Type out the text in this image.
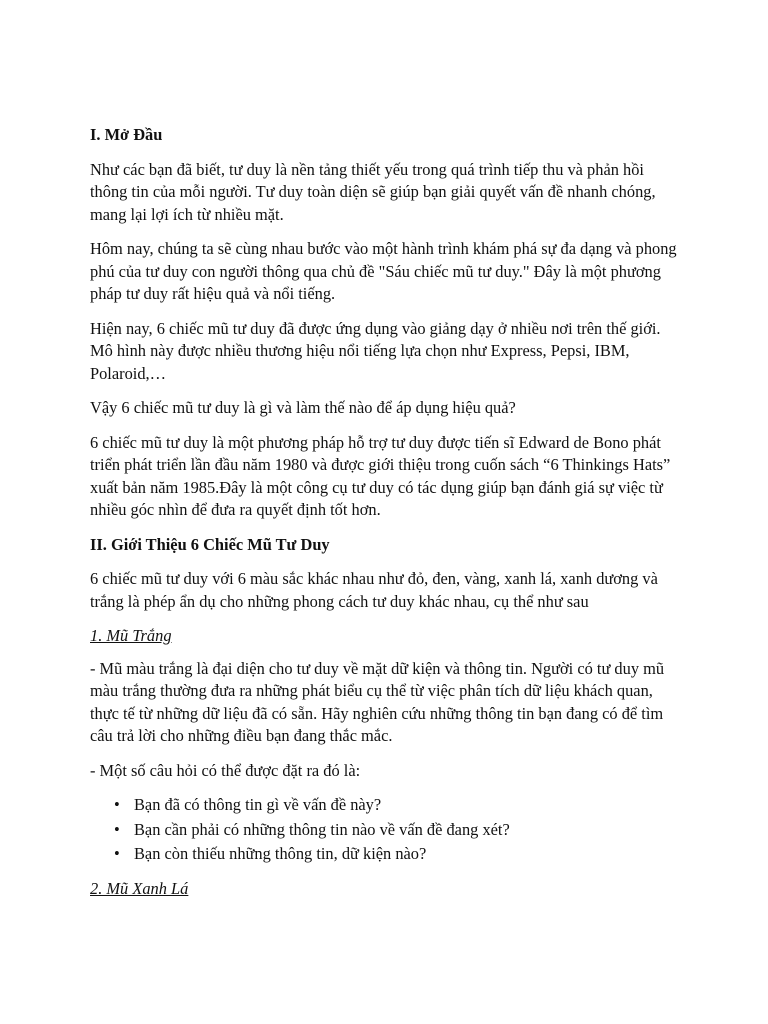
I. Mở Đầu

Như các bạn đã biết, tư duy là nền tảng thiết yếu trong quá trình tiếp thu và phản hồi thông tin của mỗi người. Tư duy toàn diện sẽ giúp bạn giải quyết vấn đề nhanh chóng, mang lại lợi ích từ nhiều mặt.

Hôm nay, chúng ta sẽ cùng nhau bước vào một hành trình khám phá sự đa dạng và phong phú của tư duy con người thông qua chủ đề "Sáu chiếc mũ tư duy." Đây là một phương pháp tư duy rất hiệu quả và nổi tiếng.

Hiện nay, 6 chiếc mũ tư duy đã được ứng dụng vào giảng dạy ở nhiều nơi trên thế giới. Mô hình này được nhiều thương hiệu nổi tiếng lựa chọn như Express, Pepsi, IBM, Polaroid,…

Vậy 6 chiếc mũ tư duy là gì và làm thế nào để áp dụng hiệu quả?

6 chiếc mũ tư duy là một phương pháp hỗ trợ tư duy được tiến sĩ Edward de Bono phát triển phát triển lần đầu năm 1980 và được giới thiệu trong cuốn sách “6 Thinkings Hats” xuất bản năm 1985.Đây là một công cụ tư duy có tác dụng giúp bạn đánh giá sự việc từ nhiều góc nhìn để đưa ra quyết định tốt hơn.

II. Giới Thiệu 6 Chiếc Mũ Tư Duy

6 chiếc mũ tư duy với 6 màu sắc khác nhau như đỏ, đen, vàng, xanh lá, xanh dương và trắng là phép ẩn dụ cho những phong cách tư duy khác nhau, cụ thể như sau

1. Mũ Trắng

- Mũ màu trắng là đại diện cho tư duy về mặt dữ kiện và thông tin. Người có tư duy mũ màu trắng thường đưa ra những phát biểu cụ thể từ việc phân tích dữ liệu khách quan, thực tế từ những dữ liệu đã có sẵn. Hãy nghiên cứu những thông tin bạn đang có để tìm câu trả lời cho những điều bạn đang thắc mắc.

- Một số câu hỏi có thể được đặt ra đó là:

• Bạn đã có thông tin gì về vấn đề này?
• Bạn cần phải có những thông tin nào về vấn đề đang xét?
• Bạn còn thiếu những thông tin, dữ kiện nào?
2. Mũ Xanh Lá
